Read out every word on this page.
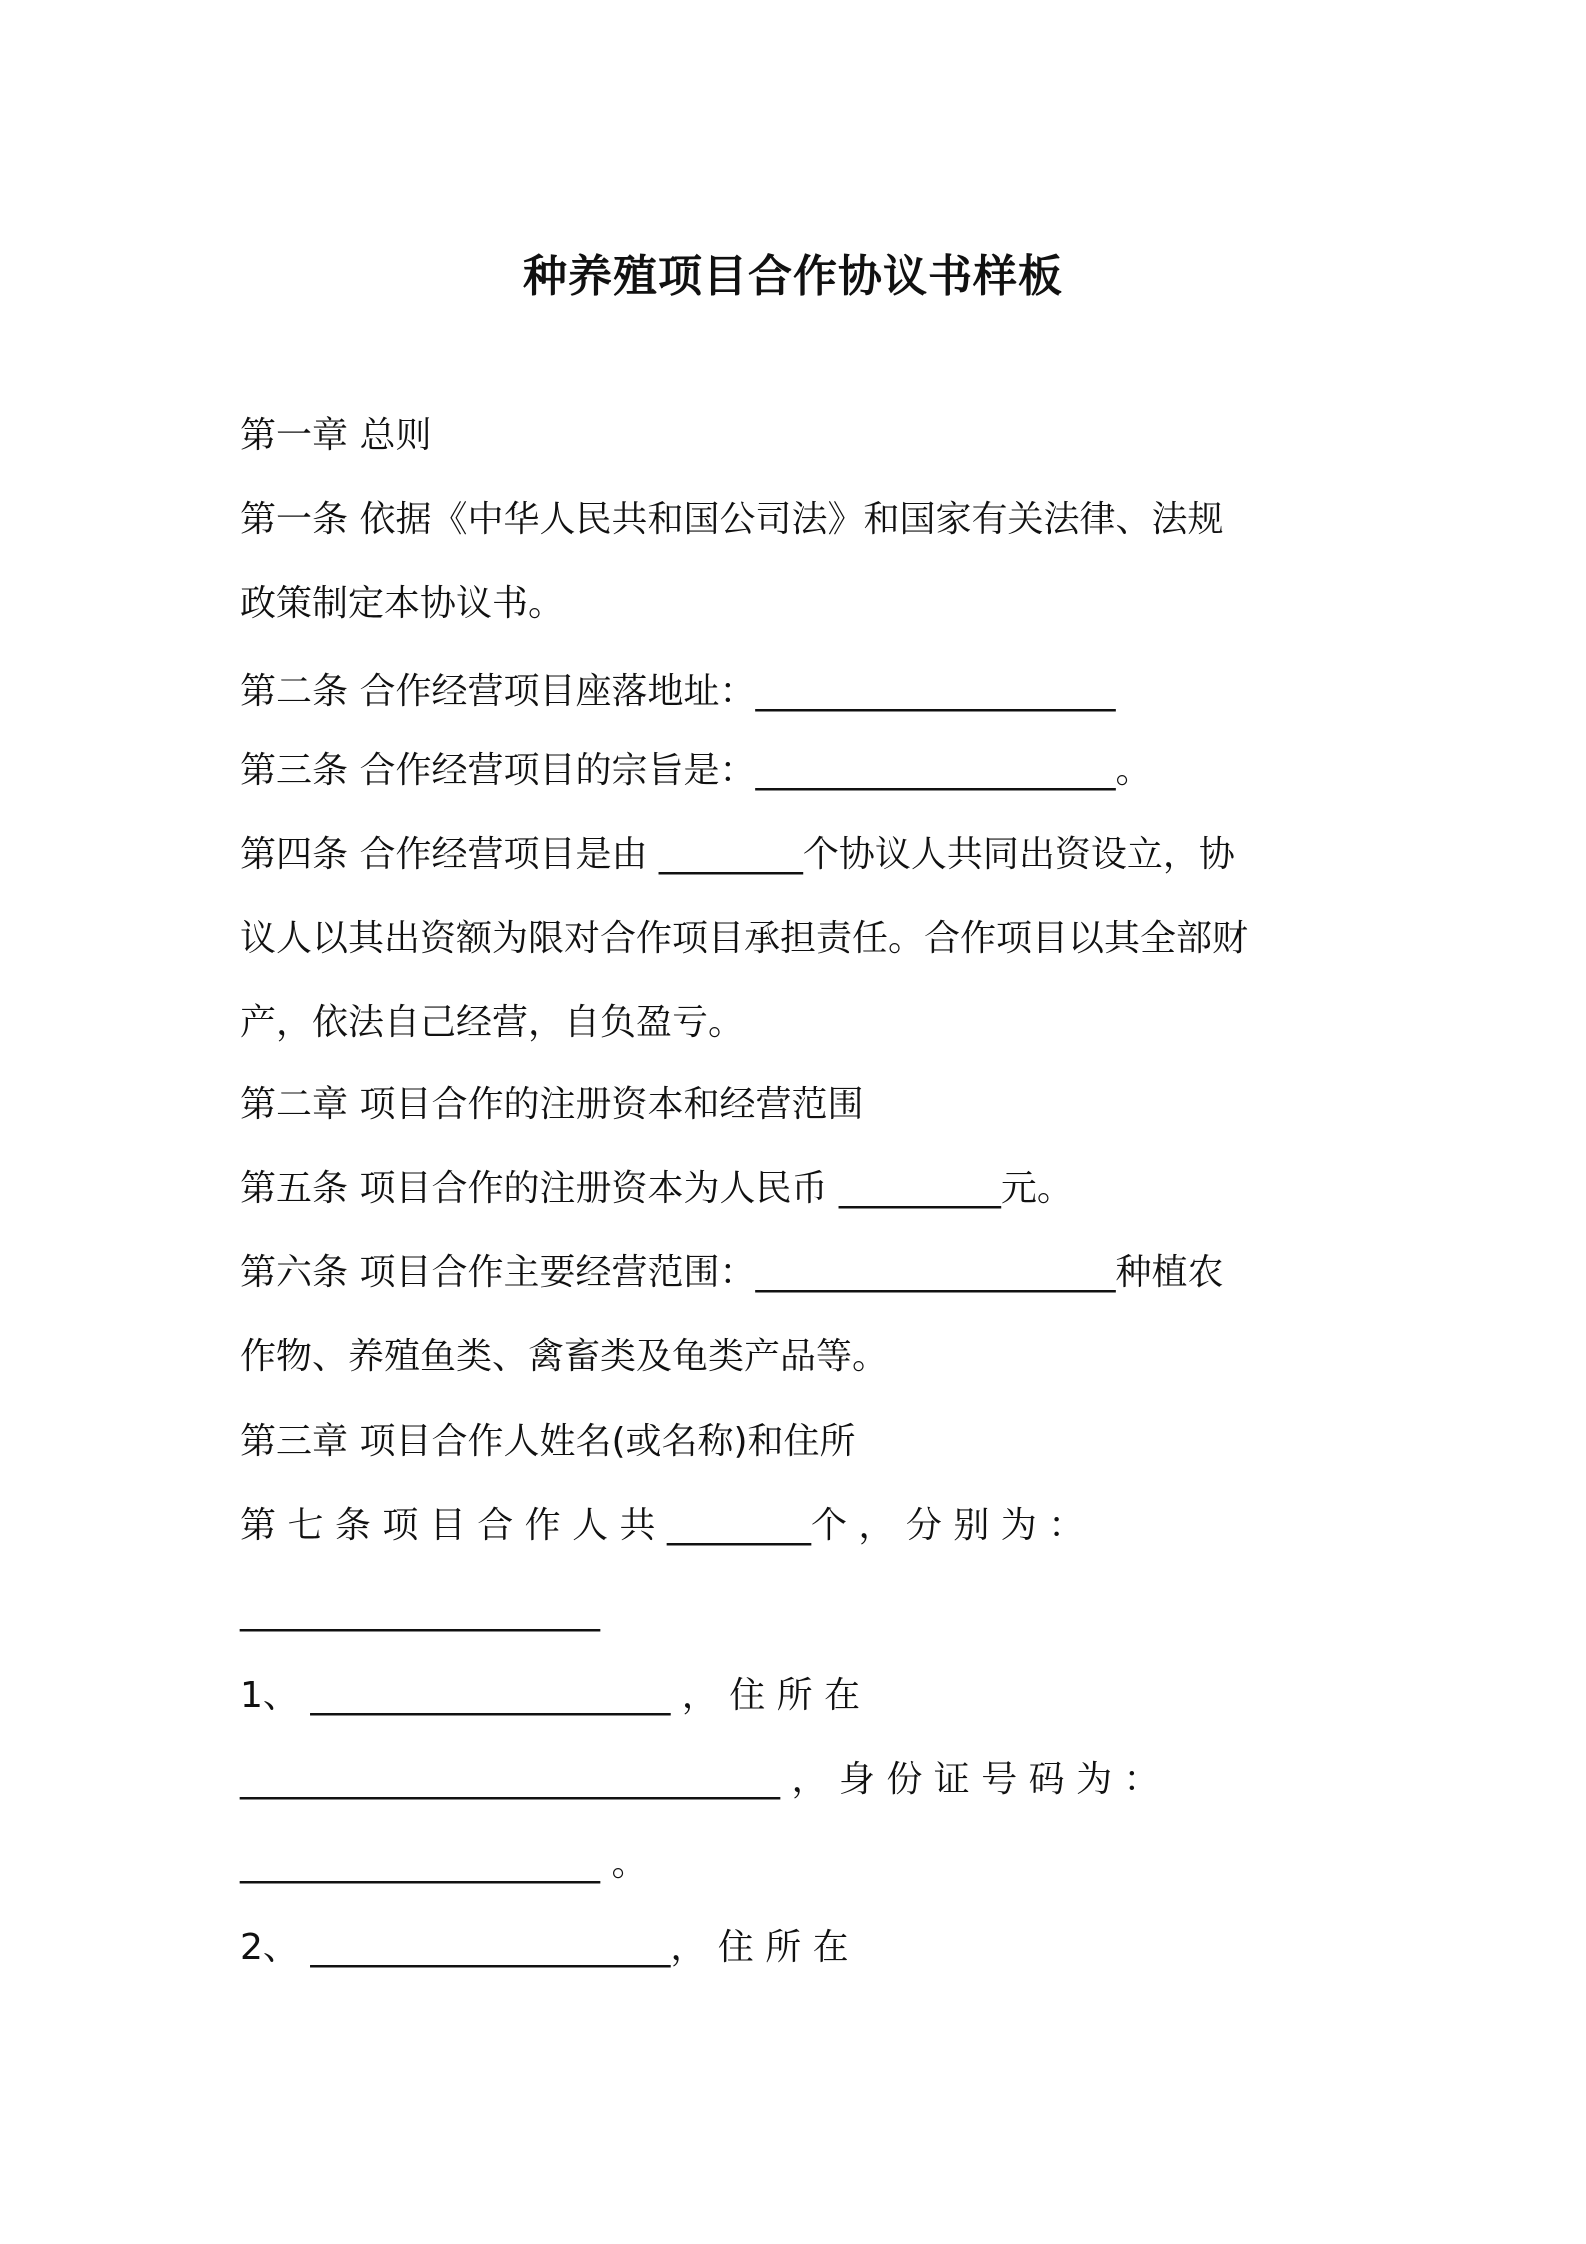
种养殖项目合作协议书样板

第一章 总则

第一条 依据《中华人民共和国公司法》和国家有关法律、法规

政策制定本协议书。

第二条 合作经营项目座落地址：____________________

第三条 合作经营项目的宗旨是：____________________。

第四条 合作经营项目是由 ________个协议人共同出资设立，协

议人以其出资额为限对合作项目承担责任。合作项目以其全部财

产，依法自己经营，自负盈亏。

第二章 项目合作的注册资本和经营范围

第五条 项目合作的注册资本为人民币 _________元。

第六条 项目合作主要经营范围：____________________种植农

作物、养殖鱼类、禽畜类及龟类产品等。

第三章 项目合作人姓名(或名称)和住所

第 七 条 项 目 合 作 人 共 ________个 ， 分 别 为 ：

____________________

1、 ____________________ ， 住 所 在

______________________________ ， 身 份 证 号 码 为 ：

____________________ 。

2、 ____________________， 住 所 在
